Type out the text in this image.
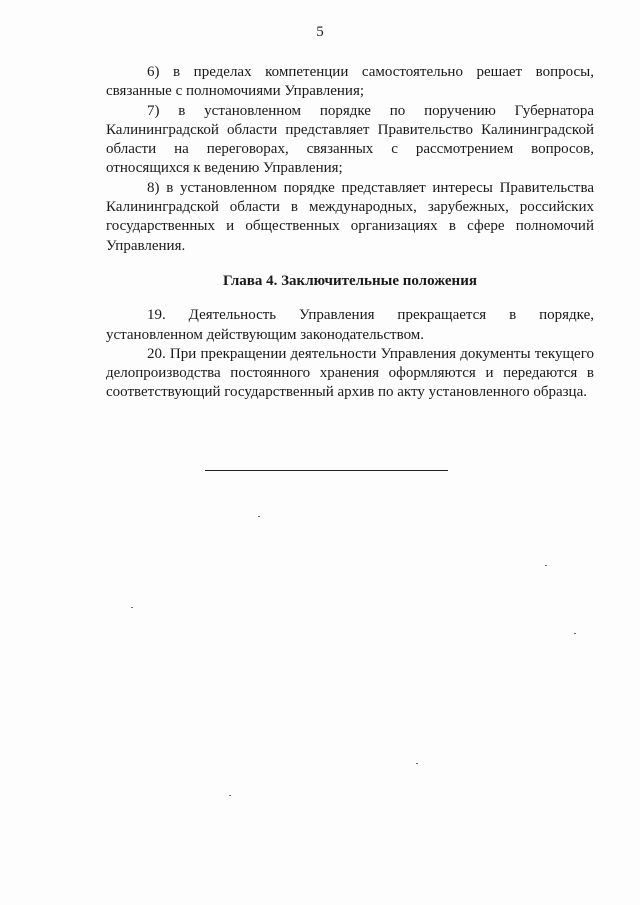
5

6) в пределах компетенции самостоятельно решает вопросы, связанные с полномочиями Управления;

7) в установленном порядке по поручению Губернатора Калининградской области представляет Правительство Калининградской области на переговорах, связанных с рассмотрением вопросов, относящихся к ведению Управления;

8) в установленном порядке представляет интересы Правительства Калининградской области в международных, зарубежных, российских государственных и общественных организациях в сфере полномочий Управления.

Глава 4. Заключительные положения

19. Деятельность Управления прекращается в порядке, установленном действующим законодательством.

20. При прекращении деятельности Управления документы текущего делопроизводства постоянного хранения оформляются и передаются в соответствующий государственный архив по акту установленного образца.
